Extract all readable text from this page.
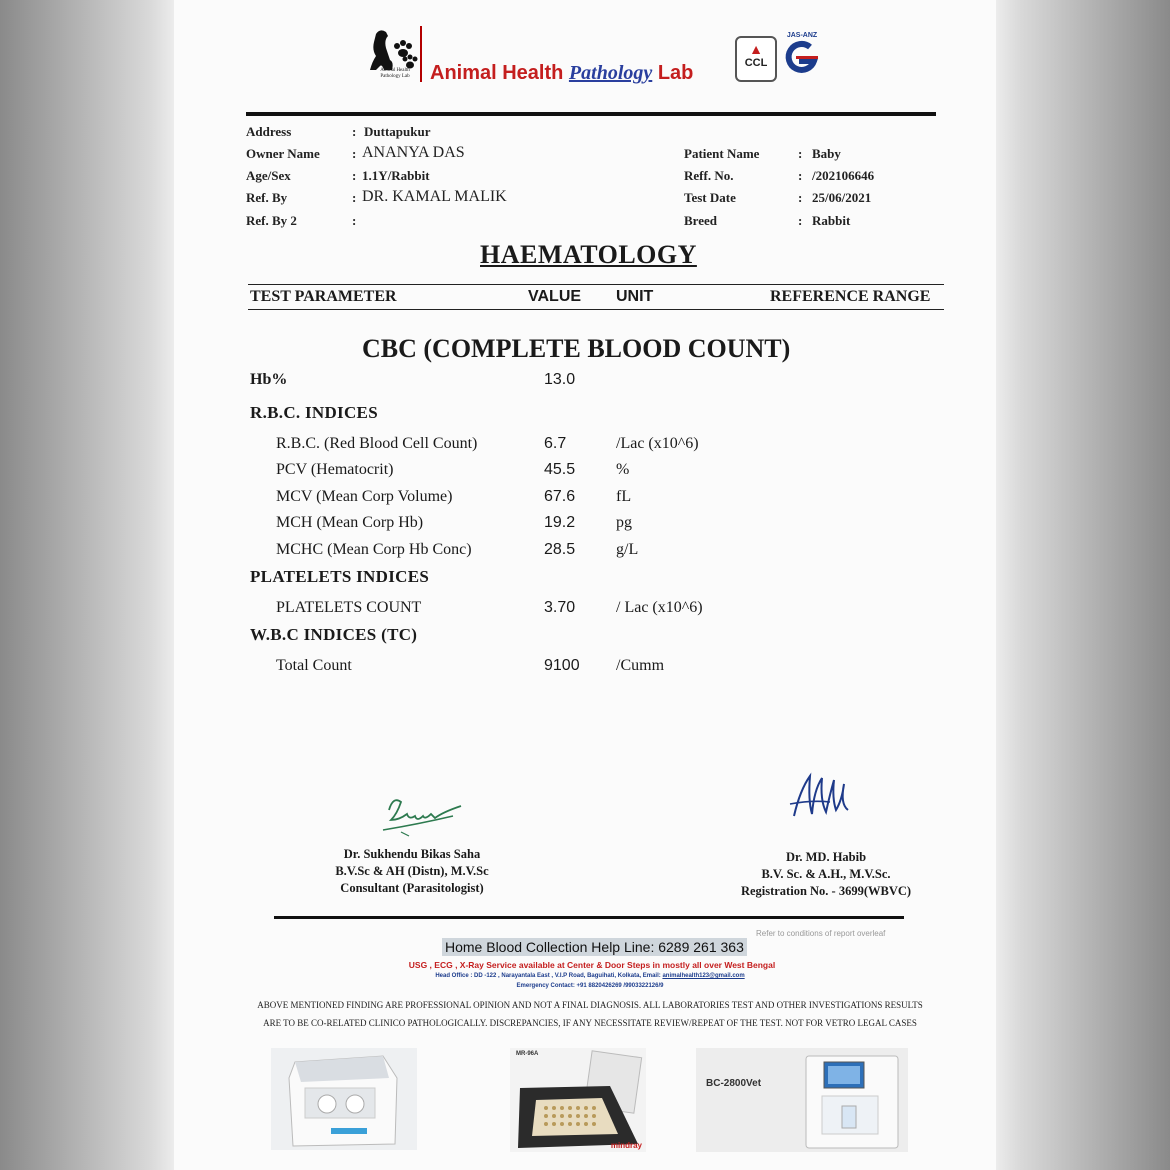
Animal Health
Pathology Lab	Animal Health Pathology Lab
▲
CCL
JAS-ANZ
Address	: Duttapukur
Owner Name : ANANYA DAS
Age/Sex	: 1.1Y/Rabbit
Ref. By	: DR. KAMAL MALIK
Ref. By 2	:
Patient Name	: Baby
Reff. No.	: /202106646
Test Date	: 25/06/2021
Breed	: Rabbit
HAEMATOLOGY
TEST PARAMETER	VALUE UNIT	REFERENCE RANGE
CBC (COMPLETE BLOOD COUNT)
Hb%	13.0
R.B.C. INDICES
R.B.C. (Red Blood Cell Count)	6.7	/Lac (x10^6)
PCV (Hematocrit)	45.5	%
MCV (Mean Corp Volume)	67.6	fL
MCH (Mean Corp Hb)	19.2	pg
MCHC (Mean Corp Hb Conc)	28.5	g/L
PLATELETS INDICES
PLATELETS COUNT	3.70	/ Lac (x10^6)
W.B.C INDICES (TC)
Total Count	9100 /Cumm
Dr. Sukhendu Bikas Saha
B.V.Sc & AH (Distn), M.V.Sc
Consultant (Parasitologist)
Dr. MD. Habib
B.V. Sc. & A.H., M.V.Sc.
Registration No. - 3699(WBVC)
Refer to conditions of report overleaf
Home Blood Collection Help Line: 6289 261 363
USG , ECG , X-Ray Service available at Center & Door Steps in mostly all over West Bengal
Head Office : DD -122 , Narayantala East , V.I.P Road, Baguihati, Kolkata, Email: animalhealth123@gmail.com
Emergency Contact: +91 8820426269 /9903322126/9
ABOVE MENTIONED FINDING ARE PROFESSIONAL OPINION AND NOT A FINAL DIAGNOSIS. ALL LABORATORIES TEST AND OTHER INVESTIGATIONS RESULTS ARE TO BE CO-RELATED CLINICO PATHOLOGICALLY. DISCREPANCIES, IF ANY NECESSITATE REVIEW/REPEAT OF THE TEST. NOT FOR VETRO LEGAL CASES
MR-96A
mindray
BC-2800Vet
